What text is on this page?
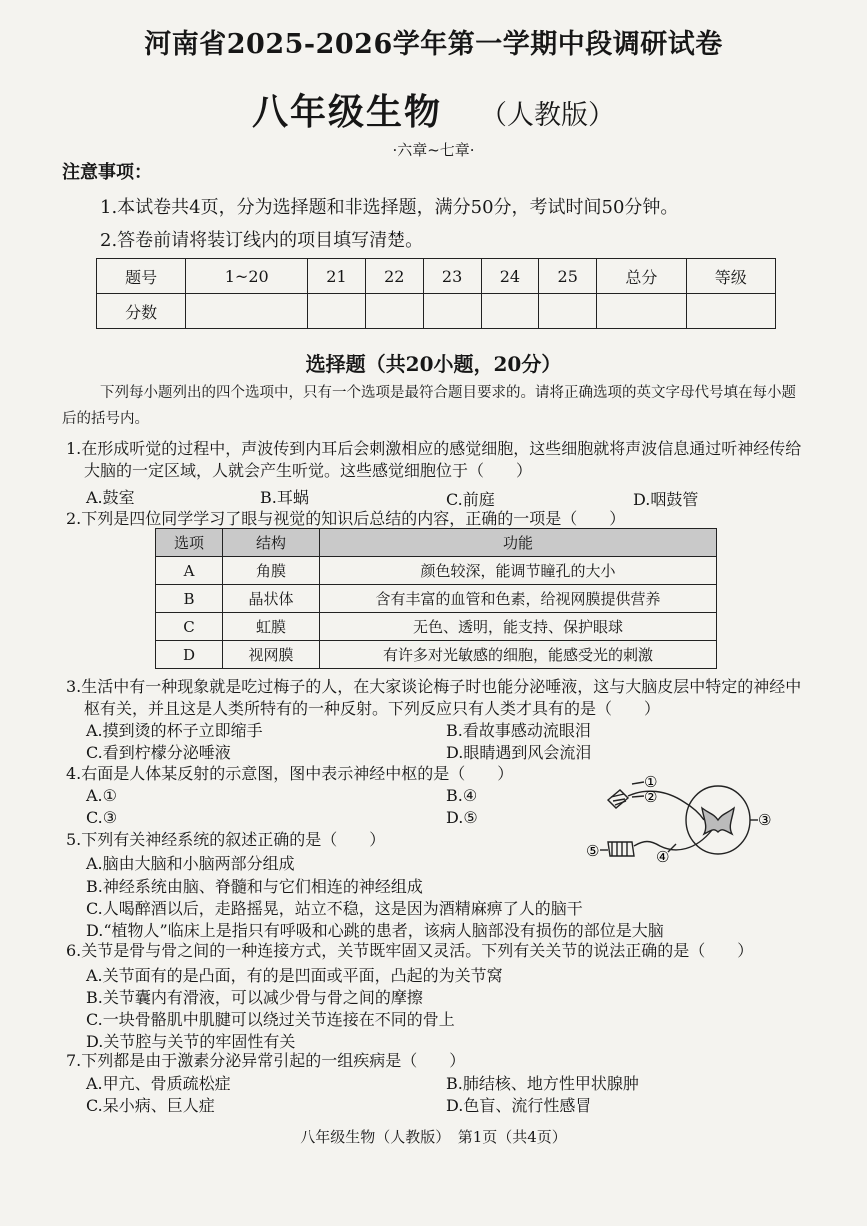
河南省2025-2026学年第一学期中段调研试卷
八年级生物 （人教版）
·六章~七章·
注意事项：
1.本试卷共4页，分为选择题和非选择题，满分50分，考试时间50分钟。
2.答卷前请将装订线内的项目填写清楚。
题号	1~20	21	22	23	24	25	总分	等级
分数								
选择题（共20小题，20分）
下列每小题列出的四个选项中，只有一个选项是最符合题目要求的。请将正确选项的英文字母代号填在每小题后的括号内。
1.在形成听觉的过程中，声波传到内耳后会刺激相应的感觉细胞，这些细胞就将声波信息通过听神经传给大脑的一定区域，人就会产生听觉。这些感觉细胞位于（　　）
A.鼓室	B.耳蜗	C.前庭	D.咽鼓管
2.下列是四位同学学习了眼与视觉的知识后总结的内容，正确的一项是（　　）
选项	结构	功能
A	角膜	颜色较深，能调节瞳孔的大小
B	晶状体	含有丰富的血管和色素，给视网膜提供营养
C	虹膜	无色、透明，能支持、保护眼球
D	视网膜	有许多对光敏感的细胞，能感受光的刺激
3.生活中有一种现象就是吃过梅子的人，在大家谈论梅子时也能分泌唾液，这与大脑皮层中特定的神经中枢有关，并且这是人类所特有的一种反射。下列反应只有人类才具有的是（　　）
A.摸到烫的杯子立即缩手	B.看故事感动流眼泪
C.看到柠檬分泌唾液	D.眼睛遇到风会流泪
4.右面是人体某反射的示意图，图中表示神经中枢的是（　　）
A.①	B.④
C.③	D.⑤
①
②
③
④
⑤
5.下列有关神经系统的叙述正确的是（　　）
A.脑由大脑和小脑两部分组成
B.神经系统由脑、脊髓和与它们相连的神经组成
C.人喝醉酒以后，走路摇晃，站立不稳，这是因为酒精麻痹了人的脑干
D.“植物人”临床上是指只有呼吸和心跳的患者，该病人脑部没有损伤的部位是大脑
6.关节是骨与骨之间的一种连接方式，关节既牢固又灵活。下列有关关节的说法正确的是（　　）
A.关节面有的是凸面，有的是凹面或平面，凸起的为关节窝
B.关节囊内有滑液，可以减少骨与骨之间的摩擦
C.一块骨骼肌中肌腱可以绕过关节连接在不同的骨上
D.关节腔与关节的牢固性有关
7.下列都是由于激素分泌异常引起的一组疾病是（　　）
A.甲亢、骨质疏松症	B.肺结核、地方性甲状腺肿
C.呆小病、巨人症	D.色盲、流行性感冒
八年级生物（人教版）　第1页（共4页）
